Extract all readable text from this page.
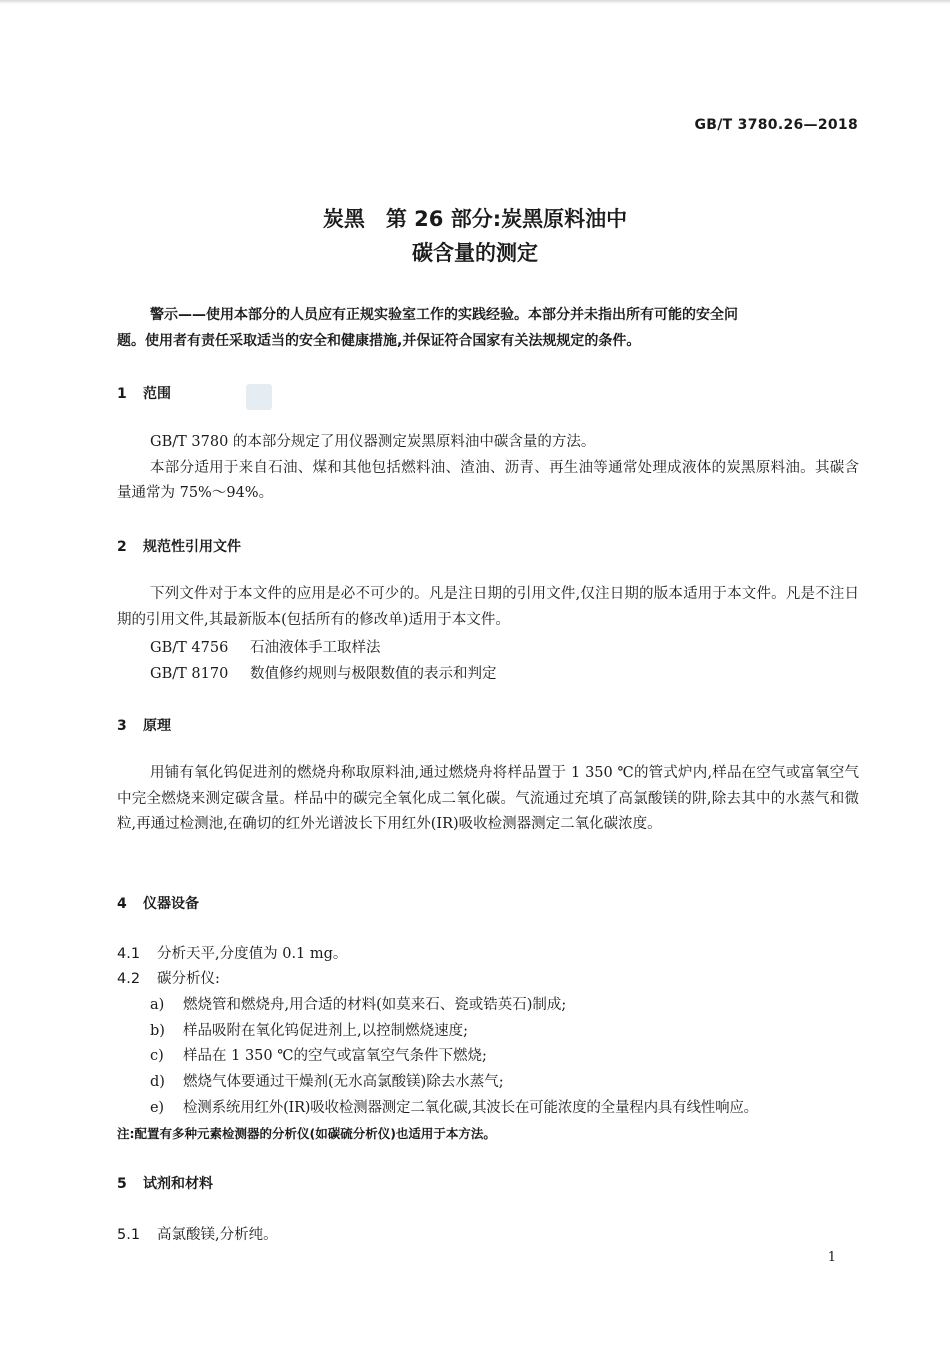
GB/T 3780.26—2018
炭黑　第 26 部分:炭黑原料油中
碳含量的测定

警示——使用本部分的人员应有正规实验室工作的实践经验。本部分并未指出所有可能的安全问

题。使用者有责任采取适当的安全和健康措施,并保证符合国家有关法规规定的条件。

1 范围

GB/T 3780 的本部分规定了用仪器测定炭黑原料油中碳含量的方法。

本部分适用于来自石油、煤和其他包括燃料油、渣油、沥青、再生油等通常处理成液体的炭黑原料油。其碳含量通常为 75%～94%。

2 规范性引用文件

下列文件对于本文件的应用是必不可少的。凡是注日期的引用文件,仅注日期的版本适用于本文件。凡是不注日期的引用文件,其最新版本(包括所有的修改单)适用于本文件。

GB/T 4756 石油液体手工取样法
GB/T 8170 数值修约规则与极限数值的表示和判定
3 原理

用铺有氧化钨促进剂的燃烧舟称取原料油,通过燃烧舟将样品置于 1 350 ℃的管式炉内,样品在空气或富氧空气中完全燃烧来测定碳含量。样品中的碳完全氧化成二氧化碳。气流通过充填了高氯酸镁的阱,除去其中的水蒸气和微粒,再通过检测池,在确切的红外光谱波长下用红外(IR)吸收检测器测定二氧化碳浓度。

4 仪器设备
4.1 分析天平,分度值为 0.1 mg。
4.2 碳分析仪:
a) 燃烧管和燃烧舟,用合适的材料(如莫来石、瓷或锆英石)制成;
b) 样品吸附在氧化钨促进剂上,以控制燃烧速度;
c) 样品在 1 350 ℃的空气或富氧空气条件下燃烧;
d) 燃烧气体要通过干燥剂(无水高氯酸镁)除去水蒸气;
e) 检测系统用红外(IR)吸收检测器测定二氧化碳,其波长在可能浓度的全量程内具有线性响应。
注:配置有多种元素检测器的分析仪(如碳硫分析仪)也适用于本方法。
5 试剂和材料
5.1 高氯酸镁,分析纯。
1
